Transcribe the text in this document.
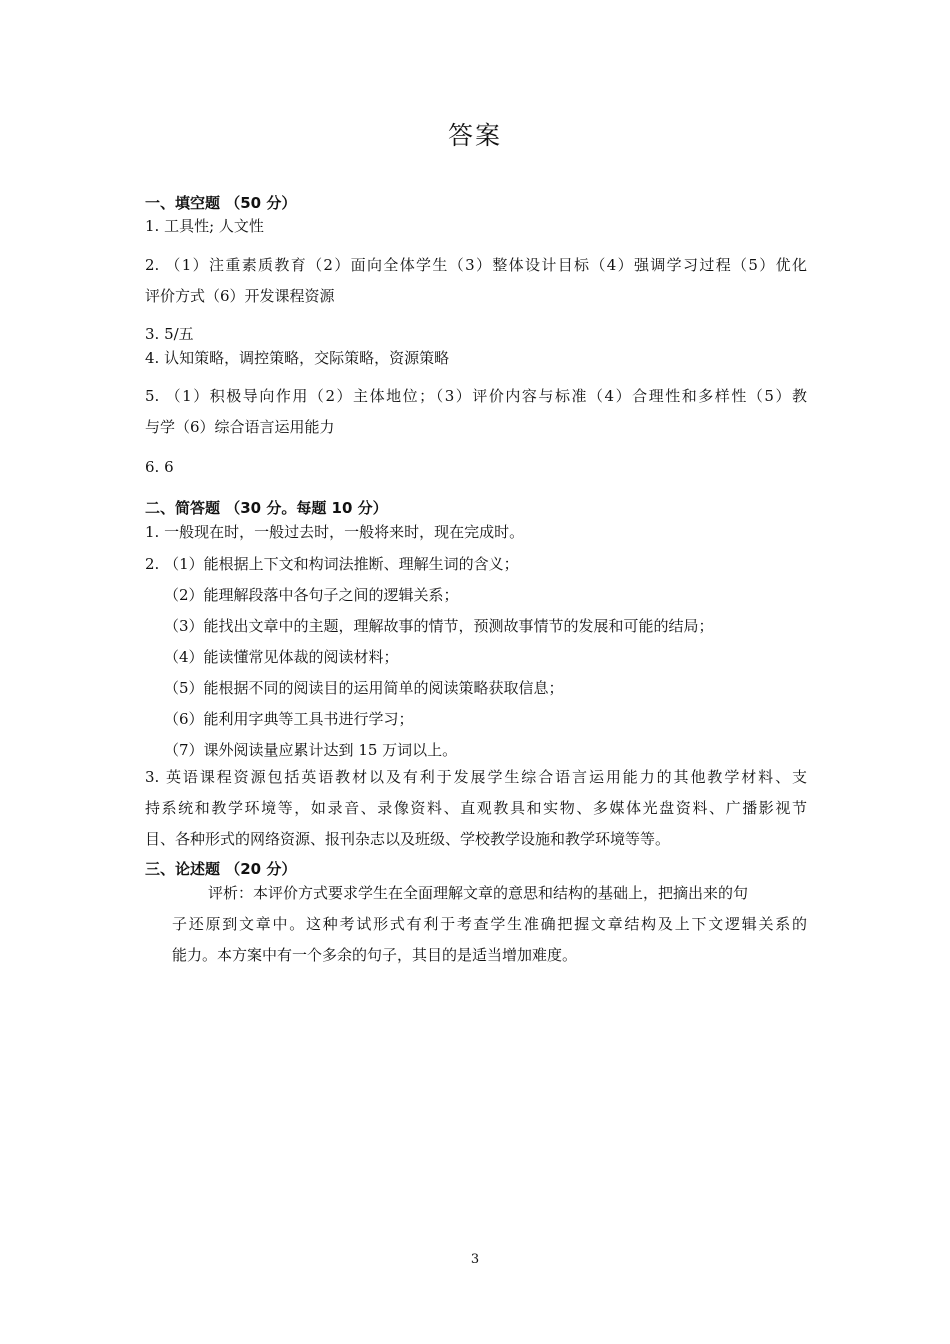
答案
一、填空题 （50 分）
1. 工具性; 人文性
2. （1）注重素质教育（2）面向全体学生（3）整体设计目标（4）强调学习过程（5）优化
评价方式（6）开发课程资源
3. 5/五
4. 认知策略，调控策略，交际策略，资源策略
5. （1）积极导向作用（2）主体地位；（3）评价内容与标准（4）合理性和多样性（5）教
与学（6）综合语言运用能力
6. 6
二、简答题 （30 分。每题 10 分）
1. 一般现在时，一般过去时，一般将来时，现在完成时。
2. （1）能根据上下文和构词法推断、理解生词的含义；
（2）能理解段落中各句子之间的逻辑关系；
（3）能找出文章中的主题，理解故事的情节，预测故事情节的发展和可能的结局；
（4）能读懂常见体裁的阅读材料；
（5）能根据不同的阅读目的运用简单的阅读策略获取信息；
（6）能利用字典等工具书进行学习；
（7）课外阅读量应累计达到 15 万词以上。
3. 英语课程资源包括英语教材以及有利于发展学生综合语言运用能力的其他教学材料、支
持系统和教学环境等，如录音、录像资料、直观教具和实物、多媒体光盘资料、广播影视节
目、各种形式的网络资源、报刊杂志以及班级、学校教学设施和教学环境等等。
三、论述题 （20 分）
评析：本评价方式要求学生在全面理解文章的意思和结构的基础上，把摘出来的句
子还原到文章中。这种考试形式有利于考查学生准确把握文章结构及上下文逻辑关系的
能力。本方案中有一个多余的句子，其目的是适当增加难度。
3
